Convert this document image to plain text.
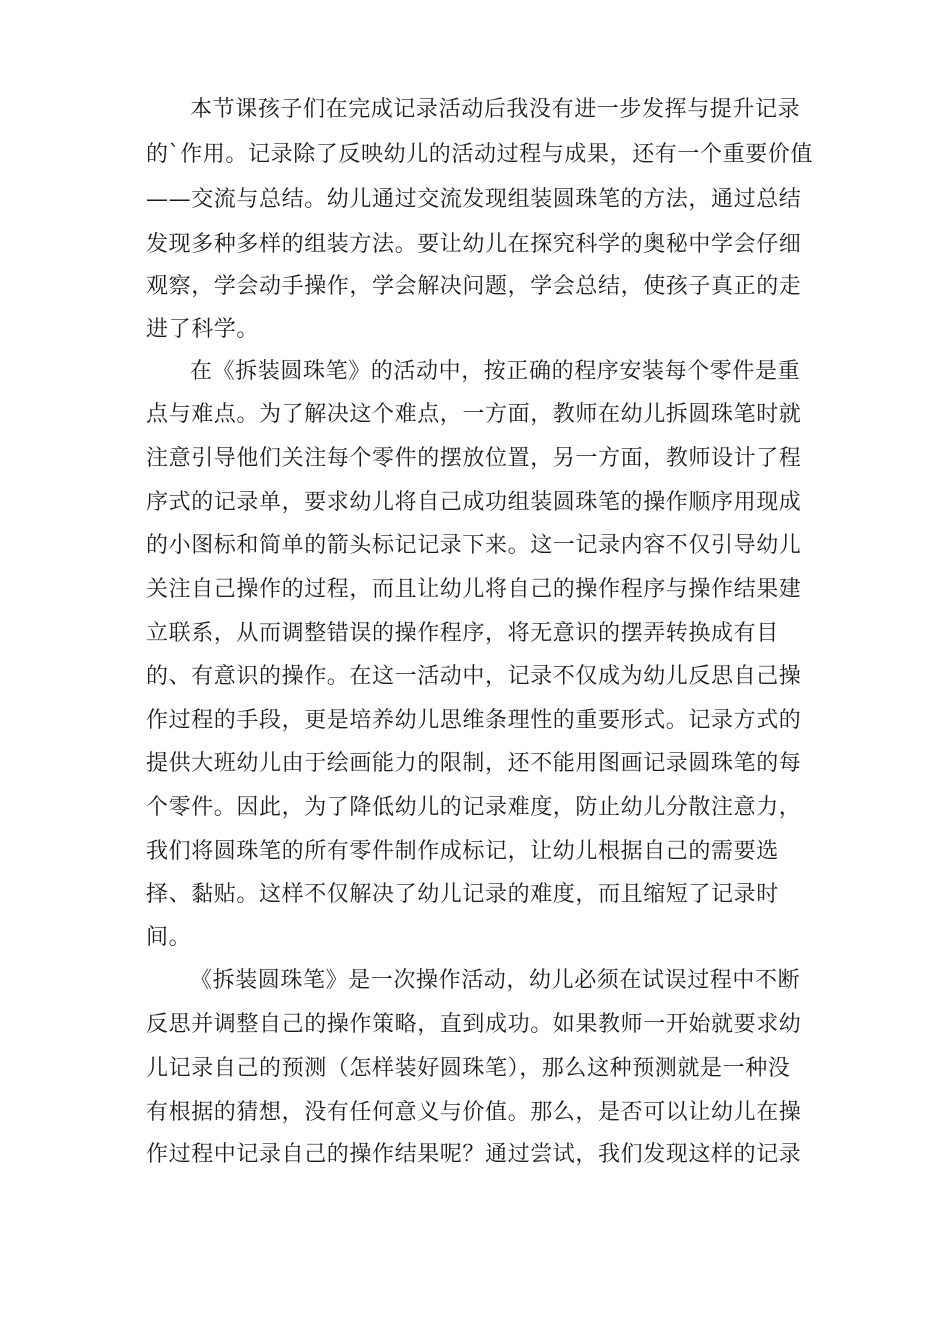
本节课孩子们在完成记录活动后我没有进一步发挥与提升记录
的`作用。记录除了反映幼儿的活动过程与成果，还有一个重要价值
——交流与总结。幼儿通过交流发现组装圆珠笔的方法，通过总结
发现多种多样的组装方法。要让幼儿在探究科学的奥秘中学会仔细
观察，学会动手操作，学会解决问题，学会总结，使孩子真正的走
进了科学。
在《拆装圆珠笔》的活动中，按正确的程序安装每个零件是重
点与难点。为了解决这个难点，一方面，教师在幼儿拆圆珠笔时就
注意引导他们关注每个零件的摆放位置，另一方面，教师设计了程
序式的记录单，要求幼儿将自己成功组装圆珠笔的操作顺序用现成
的小图标和简单的箭头标记记录下来。这一记录内容不仅引导幼儿
关注自己操作的过程，而且让幼儿将自己的操作程序与操作结果建
立联系，从而调整错误的操作程序，将无意识的摆弄转换成有目
的、有意识的操作。在这一活动中，记录不仅成为幼儿反思自己操
作过程的手段，更是培养幼儿思维条理性的重要形式。记录方式的
提供大班幼儿由于绘画能力的限制，还不能用图画记录圆珠笔的每
个零件。因此，为了降低幼儿的记录难度，防止幼儿分散注意力，
我们将圆珠笔的所有零件制作成标记，让幼儿根据自己的需要选
择、黏贴。这样不仅解决了幼儿记录的难度，而且缩短了记录时
间。
《拆装圆珠笔》是一次操作活动，幼儿必须在试误过程中不断
反思并调整自己的操作策略，直到成功。如果教师一开始就要求幼
儿记录自己的预测（怎样装好圆珠笔），那么这种预测就是一种没
有根据的猜想，没有任何意义与价值。那么，是否可以让幼儿在操
作过程中记录自己的操作结果呢？通过尝试，我们发现这样的记录
